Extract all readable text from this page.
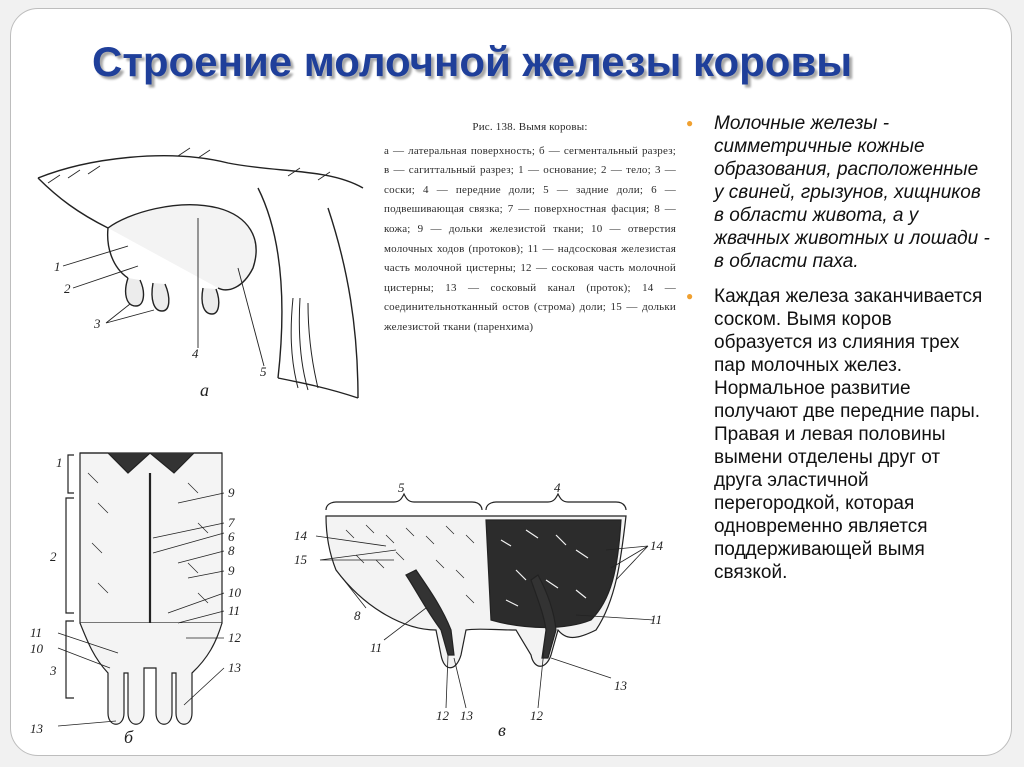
Строение молочной железы коровы
● Молочные железы - симметричные кожные образования, расположенные у свиней, грызунов, хищников в области живота, а у жвачных животных и лошади - в области паха.
● Каждая железа заканчивается соском. Вымя коров образуется из слияния трех пар молочных желез. Нормальное развитие получают две передние пары. Правая и левая половины вымени отделены друг от друга эластичной перегородкой, которая одновременно является поддерживающей вымя связкой.
Рис. 138. Вымя коровы:
а — латеральная поверхность; б — сегментальный разрез; в — сагиттальный разрез; 1 — основание; 2 — тело; 3 — соски; 4 — передние доли; 5 — задние доли; 6 — подвешивающая связка; 7 — поверхностная фасция; 8 — кожа; 9 — дольки железистой ткани; 10 — отверстия молочных ходов (протоков); 11 — надсосковая железистая часть молочной цистерны; 12 — сосковая часть молочной цистерны; 13 — сосковый канал (проток); 14 — соединительнотканный остов (строма) доли; 15 — дольки железистой ткани (паренхима)
1
2
3
4
5
а
1
2
11
10
3
13
9
7
6
8
9
10
11
12
13
б
5	4
14
15
8
11
12 13
14
11
12
13
в
